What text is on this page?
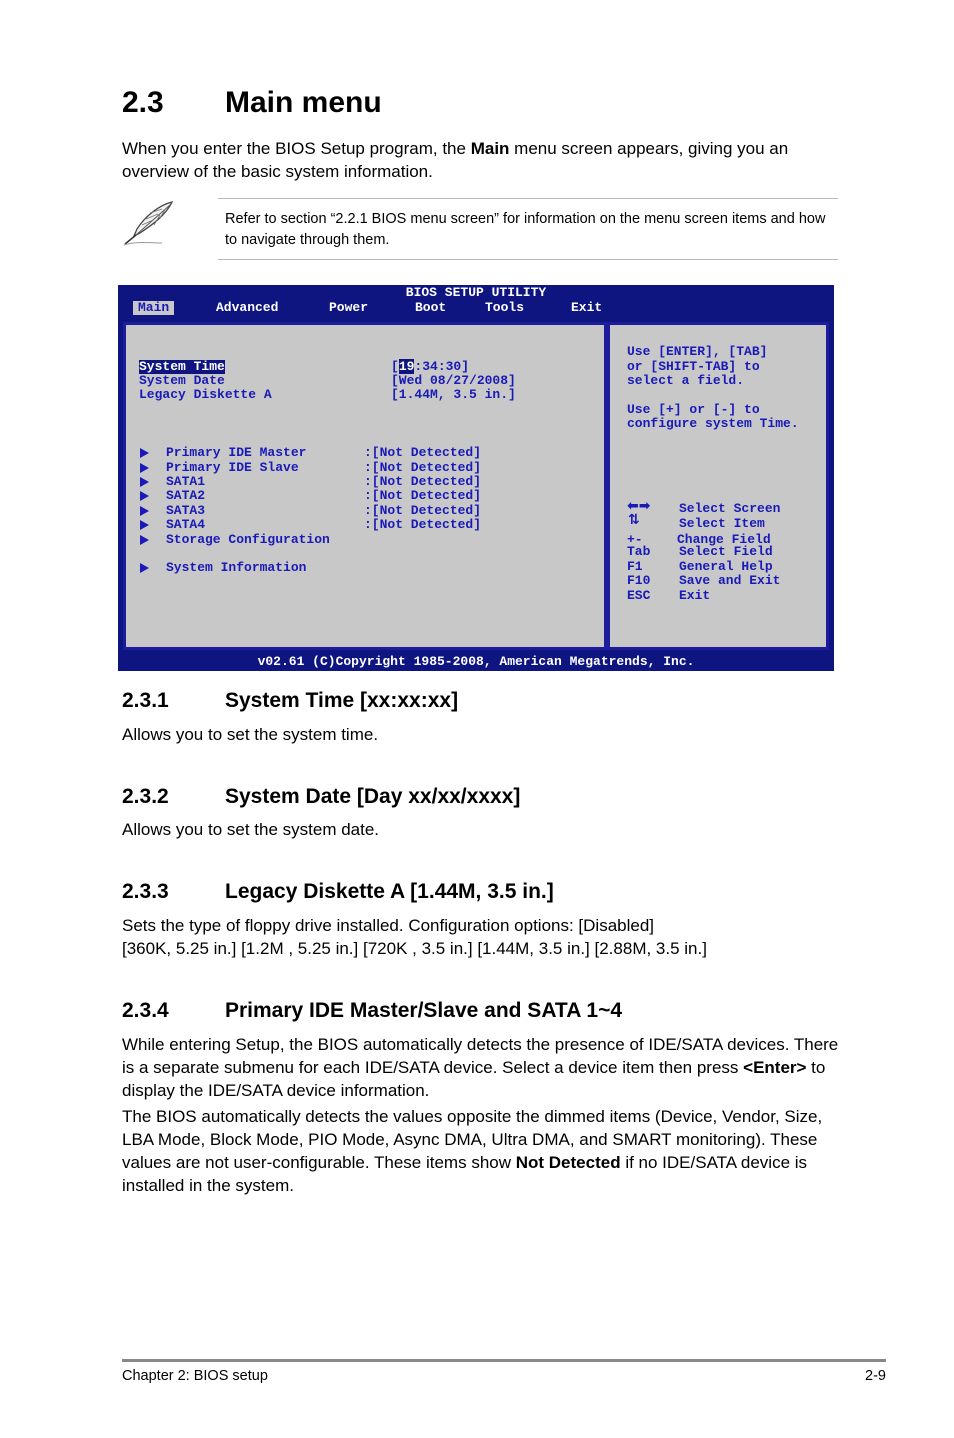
2.3 Main menu

When you enter the BIOS Setup program, the Main menu screen appears, giving you an overview of the basic system information.

Refer to section “2.2.1 BIOS menu screen” for information on the menu screen items and how to navigate through them.

BIOS SETUP UTILITY
Main	Advanced	Power	Boot	Tools	Exit
System Time	[19:34:30]
System Date	[Wed 08/27/2008]
Legacy Diskette A	[1.44M, 3.5 in.]
Primary IDE Master	:[Not Detected]
Primary IDE Slave	:[Not Detected]
SATA1	:[Not Detected]
SATA2	:[Not Detected]
SATA3	:[Not Detected]
SATA4	:[Not Detected]
Storage Configuration
System Information
Use [ENTER], [TAB]
or [SHIFT-TAB] to
select a field.
Use [+] or [-] to
configure system Time.
⬅➡ Select Screen
⇅	Select Item
+-	Change Field
Tab Select Field
F1	General Help
F10 Save and Exit
ESC Exit
v02.61 (C)Copyright 1985-2008, American Megatrends, Inc.
2.3.1	System Time [xx:xx:xx]

Allows you to set the system time.

2.3.2	System Date [Day xx/xx/xxxx]

Allows you to set the system date.

2.3.3	Legacy Diskette A [1.44M, 3.5 in.]

Sets the type of floppy drive installed. Configuration options: [Disabled]

[360K, 5.25 in.] [1.2M , 5.25 in.] [720K , 3.5 in.] [1.44M, 3.5 in.] [2.88M, 3.5 in.]

2.3.4	Primary IDE Master/Slave and SATA 1~4

While entering Setup, the BIOS automatically detects the presence of IDE/SATA devices. There is a separate submenu for each IDE/SATA device. Select a device item then press <Enter> to display the IDE/SATA device information.

The BIOS automatically detects the values opposite the dimmed items (Device, Vendor, Size, LBA Mode, Block Mode, PIO Mode, Async DMA, Ultra DMA, and SMART monitoring). These values are not user-configurable. These items show Not Detected if no IDE/SATA device is installed in the system.

Chapter 2: BIOS setup	2-9
